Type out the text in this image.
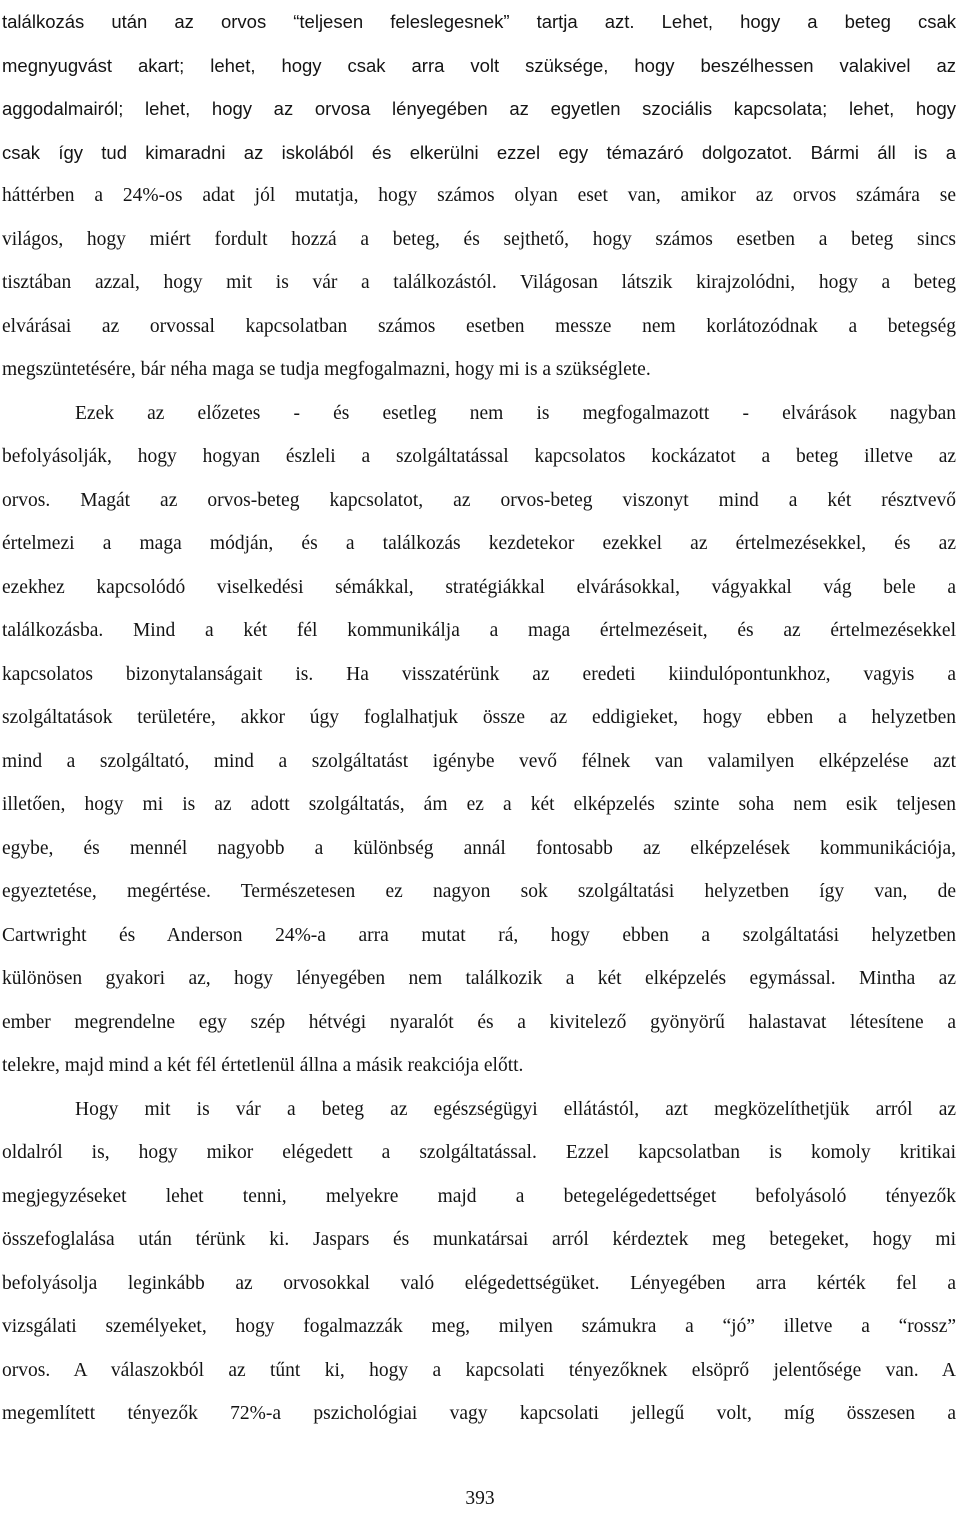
találkozás után az orvos “teljesen feleslegesnek” tartja azt. Lehet, hogy a beteg csak
megnyugvást akart; lehet, hogy csak arra volt szüksége, hogy beszélhessen valakivel az
aggodalmairól; lehet, hogy az orvosa lényegében az egyetlen szociális kapcsolata; lehet, hogy
csak így tud kimaradni az iskolából és elkerülni ezzel egy témazáró dolgozatot. Bármi áll is a
háttérben a 24%-os adat jól mutatja, hogy számos olyan eset van, amikor az orvos számára se
világos, hogy miért fordult hozzá a beteg, és sejthető, hogy számos esetben a beteg sincs
tisztában azzal, hogy mit is vár a találkozástól. Világosan látszik kirajzolódni, hogy a beteg
elvárásai az orvossal kapcsolatban számos esetben messze nem korlátozódnak a betegség
megszüntetésére, bár néha maga se tudja megfogalmazni, hogy mi is a szükséglete.
Ezek az előzetes - és esetleg nem is megfogalmazott - elvárások nagyban
befolyásolják, hogy hogyan észleli a szolgáltatással kapcsolatos kockázatot a beteg illetve az
orvos. Magát az orvos-beteg kapcsolatot, az orvos-beteg viszonyt mind a két résztvevő
értelmezi a maga módján, és a találkozás kezdetekor ezekkel az értelmezésekkel, és az
ezekhez kapcsolódó viselkedési sémákkal, stratégiákkal elvárásokkal, vágyakkal vág bele a
találkozásba. Mind a két fél kommunikálja a maga értelmezéseit, és az értelmezésekkel
kapcsolatos bizonytalanságait is. Ha visszatérünk az eredeti kiindulópontunkhoz, vagyis a
szolgáltatások területére, akkor úgy foglalhatjuk össze az eddigieket, hogy ebben a helyzetben
mind a szolgáltató, mind a szolgáltatást igénybe vevő félnek van valamilyen elképzelése azt
illetően, hogy mi is az adott szolgáltatás, ám ez a két elképzelés szinte soha nem esik teljesen
egybe, és mennél nagyobb a különbség annál fontosabb az elképzelések kommunikációja,
egyeztetése, megértése. Természetesen ez nagyon sok szolgáltatási helyzetben így van, de
Cartwright és Anderson 24%-a arra mutat rá, hogy ebben a szolgáltatási helyzetben
különösen gyakori az, hogy lényegében nem találkozik a két elképzelés egymással. Mintha az
ember megrendelne egy szép hétvégi nyaralót és a kivitelező gyönyörű halastavat létesítene a
telekre, majd mind a két fél értetlenül állna a másik reakciója előtt.
Hogy mit is vár a beteg az egészségügyi ellátástól, azt megközelíthetjük arról az
oldalról is, hogy mikor elégedett a szolgáltatással. Ezzel kapcsolatban is komoly kritikai
megjegyzéseket lehet tenni, melyekre majd a betegelégedettséget befolyásoló tényezők
összefoglalása után térünk ki. Jaspars és munkatársai arról kérdeztek meg betegeket, hogy mi
befolyásolja leginkább az orvosokkal való elégedettségüket. Lényegében arra kérték fel a
vizsgálati személyeket, hogy fogalmazzák meg, milyen számukra a “jó” illetve a “rossz”
orvos. A válaszokból az tűnt ki, hogy a kapcsolati tényezőknek elsöprő jelentősége van. A
megemlített tényezők 72%-a pszichológiai vagy kapcsolati jellegű volt, míg összesen a
393
